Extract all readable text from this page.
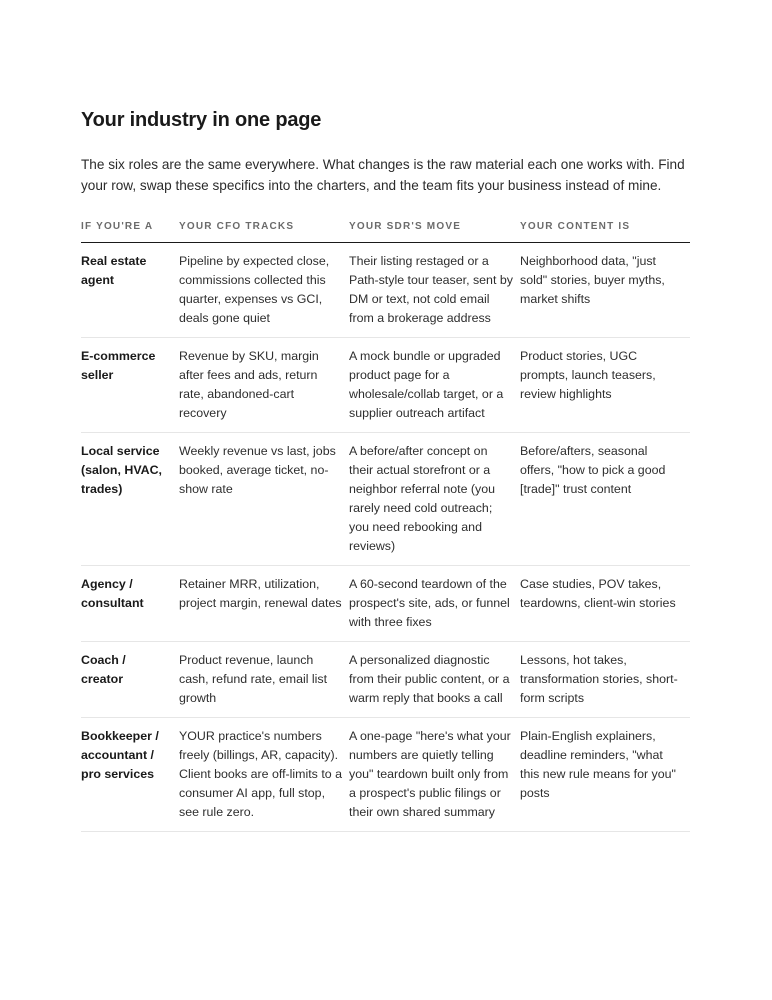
Your industry in one page

The six roles are the same everywhere. What changes is the raw material each one works with. Find your row, swap these specifics into the charters, and the team fits your business instead of mine.

IF YOU'RE A	YOUR CFO TRACKS	YOUR SDR'S MOVE	YOUR CONTENT IS
Real estate agent	Pipeline by expected close, commissions collected this quarter, expenses vs GCI, deals gone quiet	Their listing restaged or a Path-style tour teaser, sent by DM or text, not cold email from a brokerage address	Neighborhood data, "just sold" stories, buyer myths, market shifts
E-commerce seller	Revenue by SKU, margin after fees and ads, return rate, abandoned-cart recovery	A mock bundle or upgraded product page for a wholesale/collab target, or a supplier outreach artifact	Product stories, UGC prompts, launch teasers, review highlights
Local service (salon, HVAC, trades)	Weekly revenue vs last, jobs booked, average ticket, no-show rate	A before/after concept on their actual storefront or a neighbor referral note (you rarely need cold outreach; you need rebooking and reviews)	Before/afters, seasonal offers, "how to pick a good [trade]" trust content
Agency / consultant	Retainer MRR, utilization, project margin, renewal dates	A 60-second teardown of the prospect's site, ads, or funnel with three fixes	Case studies, POV takes, teardowns, client-win stories
Coach / creator	Product revenue, launch cash, refund rate, email list growth	A personalized diagnostic from their public content, or a warm reply that books a call	Lessons, hot takes, transformation stories, short-form scripts
Bookkeeper / accountant / pro services	YOUR practice's numbers freely (billings, AR, capacity). Client books are off-limits to a consumer AI app, full stop, see rule zero.	A one-page "here's what your numbers are quietly telling you" teardown built only from a prospect's public filings or their own shared summary	Plain-English explainers, deadline reminders, "what this new rule means for you" posts
